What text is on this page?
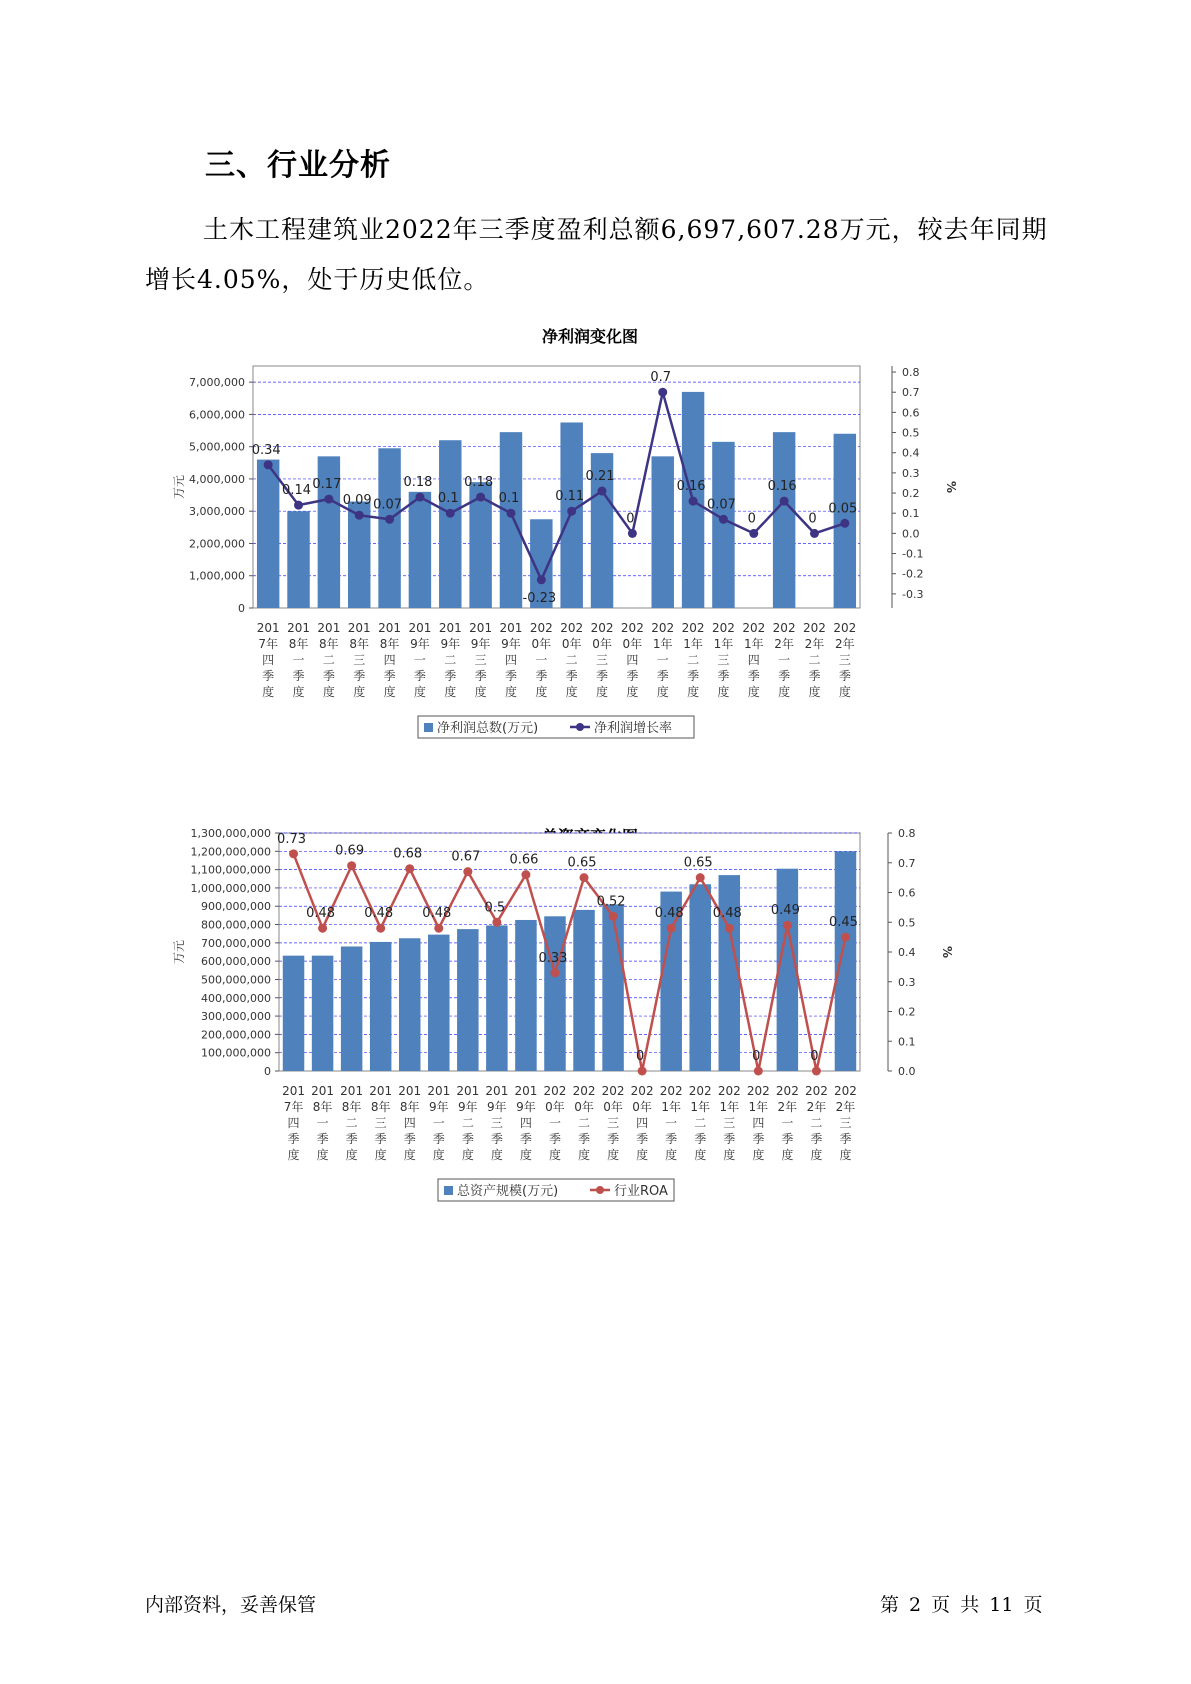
三、行业分析
土木工程建筑业2022年三季度盈利总额6,697,607.28万元，较去年同期增长4.05%，处于历史低位。
净利润变化图
0
1,000,000
2,000,000
3,000,000
4,000,000
5,000,000
6,000,000
7,000,000
-0.3
-0.2
-0.1
0.0
0.1
0.2
0.3
0.4
0.5
0.6
0.7
0.8
万元	%
0.34
0.14 0.17
0.09 0.07
0.18
0.1
0.18
0.1
-0.23
0.11
0.21
0
0.7
0.16
0.07
0
0.16
0
0.05
201
7年
四
季
度
201
8年
一
季
度
201
8年
二
季
度
201
8年
三
季
度
201
8年
四
季
度
201
9年
一
季
度
201
9年
二
季
度
201
9年
三
季
度
201
9年
四
季
度
202
0年
一
季
度
202
0年
二
季
度
202
0年
三
季
度
202
0年
四
季
度
202
1年
一
季
度
202
1年
二
季
度
202
1年
三
季
度
202
1年
四
季
度
202
2年
一
季
度
202
2年
二
季
度
202
2年
三
季
度
净利润总数(万元)	净利润增长率
0
100,000,000
200,000,000
300,000,000
400,000,000
500,000,000
600,000,000
700,000,000
800,000,000
900,000,000
1,000,000,000
1,100,000,000
1,200,000,000
1,300,000,000
0.0
0.1
0.2
0.3
0.4
0.5
0.6
0.7
0.8
万元	%
0.73
0.48
0.69
0.48
0.68
0.48
0.67
0.5
0.66
0.33
0.65
0.52
0
0.48
0.65
0.48
0
0.49
0
0.45
201
7年
四
季
度
201
8年
一
季
度
201
8年
二
季
度
201
8年
三
季
度
201
8年
四
季
度
201
9年
一
季
度
201
9年
二
季
度
201
9年
三
季
度
201
9年
四
季
度
202
0年
一
季
度
202
0年
二
季
度
202
0年
三
季
度
202
0年
四
季
度
202
1年
一
季
度
202
1年
二
季
度
202
1年
三
季
度
202
1年
四
季
度
202
2年
一
季
度
202
2年
二
季
度
202
2年
三
季
度
总资产规模(万元)	行业ROA
内部资料，妥善保管	第 2 页 共 11 页
